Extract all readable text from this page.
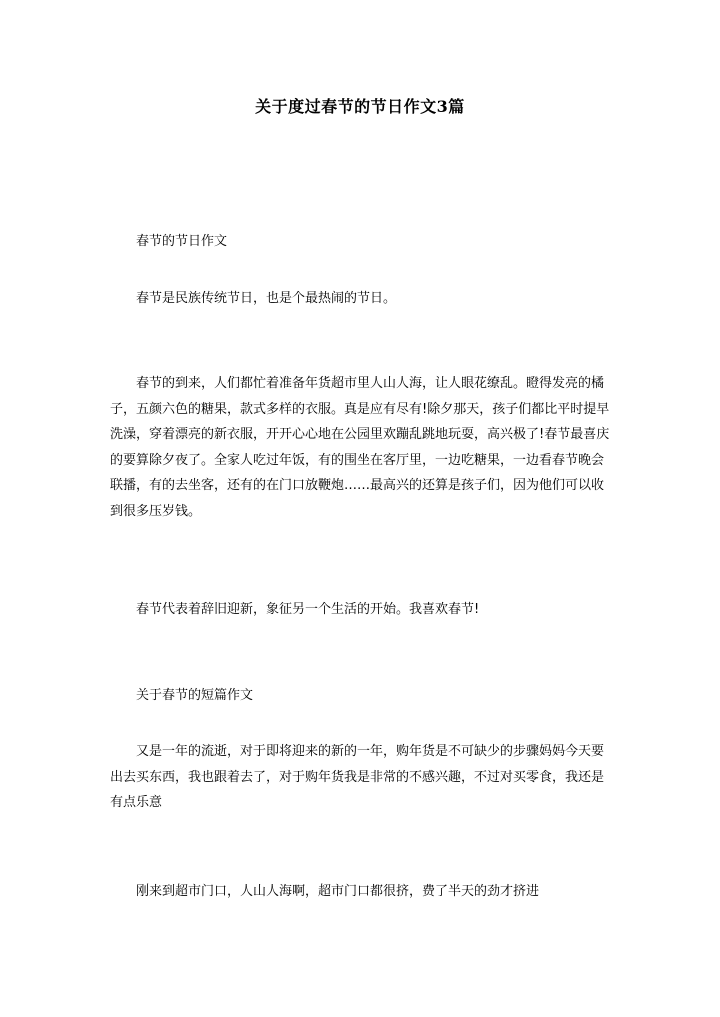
关于度过春节的节日作文3篇

春节的节日作文

春节是民族传统节日，也是个最热闹的节日。

春节的到来，人们都忙着准备年货超市里人山人海，让人眼花缭乱。瞪得发亮的橘子，五颜六色的糖果，款式多样的衣服。真是应有尽有!除夕那天，孩子们都比平时提早洗澡，穿着漂亮的新衣服，开开心心地在公园里欢蹦乱跳地玩耍，高兴极了!春节最喜庆的要算除夕夜了。全家人吃过年饭，有的围坐在客厅里，一边吃糖果，一边看春节晚会联播，有的去坐客，还有的在门口放鞭炮……最高兴的还算是孩子们，因为他们可以收到很多压岁钱。

春节代表着辞旧迎新，象征另一个生活的开始。我喜欢春节!

关于春节的短篇作文

又是一年的流逝，对于即将迎来的新的一年，购年货是不可缺少的步骤妈妈今天要出去买东西，我也跟着去了，对于购年货我是非常的不感兴趣，不过对买零食，我还是有点乐意

刚来到超市门口，人山人海啊，超市门口都很挤，费了半天的劲才挤进
